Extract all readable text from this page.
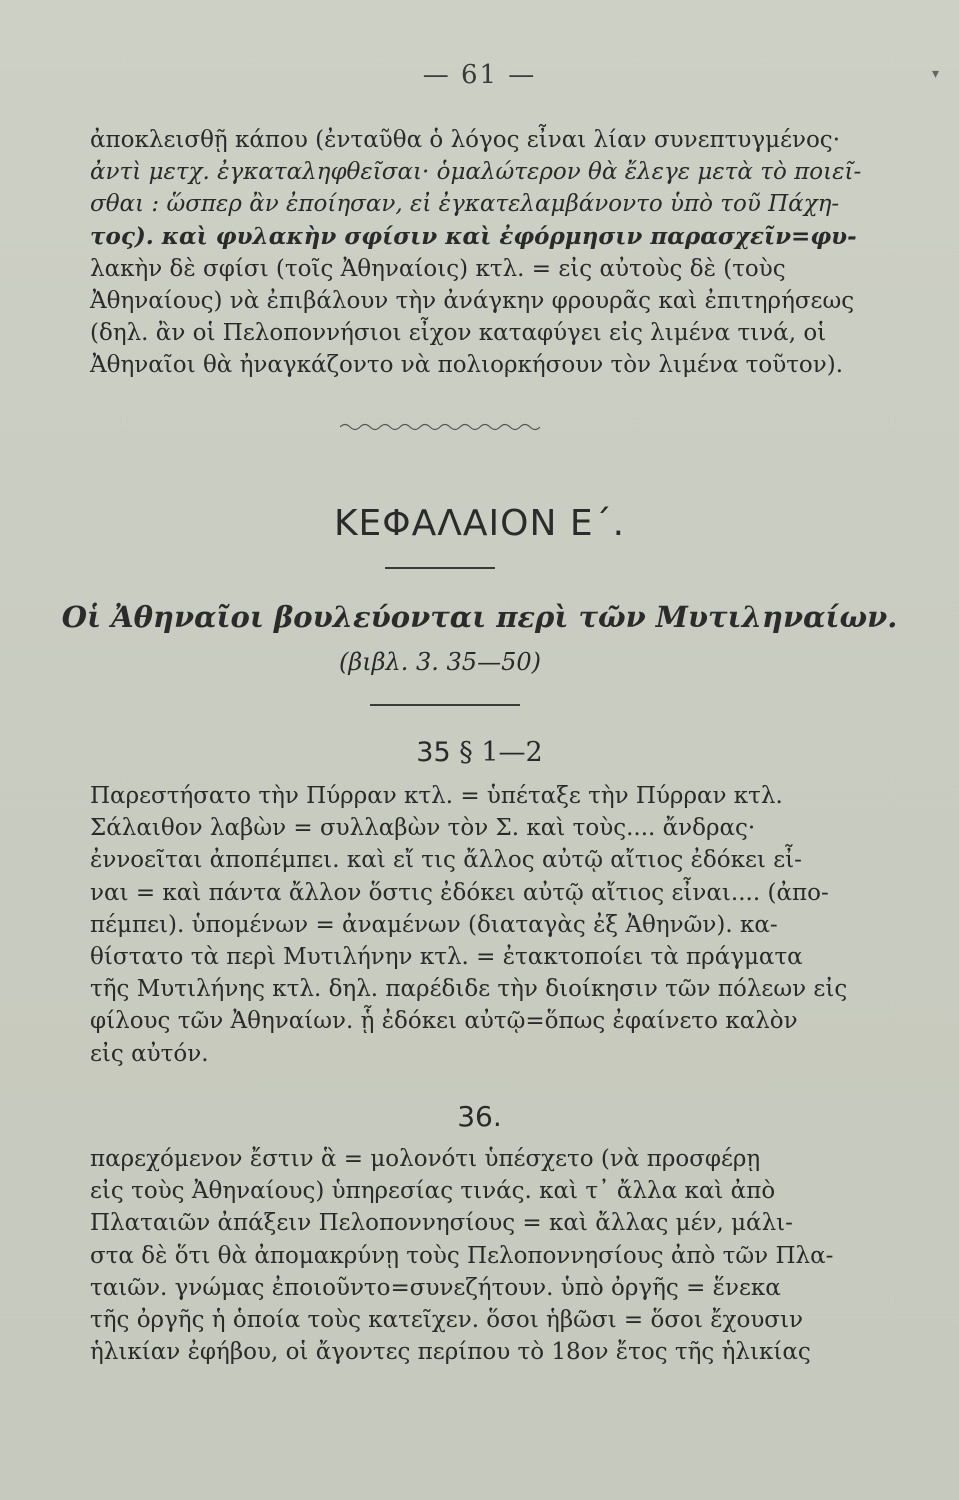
— 61 —	▾
ἀποκλεισθῇ κάπου (ἐνταῦθα ὁ λόγος εἶναι λίαν συνεπτυγμένος·
ἀντὶ μετχ. ἐγκαταληφθεῖσαι· ὁμαλώτερον θὰ ἔλεγε μετὰ τὸ ποιεῖ-
σθαι : ὥσπερ ἂν ἐποίησαν, εἰ ἐγκατελαμβάνοντο ὑπὸ τοῦ Πάχη-
τος). καὶ φυλακὴν σφίσιν καὶ ἐφόρμησιν παρασχεῖν=φυ-
λακὴν δὲ σφίσι (τοῖς Ἀθηναίοις) κτλ. = εἰς αὐτοὺς δὲ (τοὺς
Ἀθηναίους) νὰ ἐπιβάλουν τὴν ἀνάγκην φρουρᾶς καὶ ἐπιτηρήσεως
(δηλ. ἂν οἱ Πελοποννήσιοι εἶχον καταφύγει εἰς λιμένα τινά, οἱ
Ἀθηναῖοι θὰ ἠναγκάζοντο νὰ πολιορκήσουν τὸν λιμένα τοῦτον).
ΚΕΦΑΛΑΙΟΝ Ε΄.
Οἱ Ἀθηναῖοι βουλεύονται περὶ τῶν Μυτιληναίων.
(βιβλ. 3. 35—50)
35 § 1—2
Παρεστήσατο τὴν Πύρραν κτλ. = ὑπέταξε τὴν Πύρραν κτλ.
Σάλαιθον λαβὼν = συλλαβὼν τὸν Σ. καὶ τοὺς.... ἄνδρας·
ἐννοεῖται ἀποπέμπει. καὶ εἴ τις ἄλλος αὐτῷ αἴτιος ἐδόκει εἶ-
ναι = καὶ πάντα ἄλλον ὅστις ἐδόκει αὐτῷ αἴτιος εἶναι.... (ἀπο-
πέμπει). ὑπομένων = ἀναμένων (διαταγὰς ἐξ Ἀθηνῶν). κα-
θίστατο τὰ περὶ Μυτιλήνην κτλ. = ἐτακτοποίει τὰ πράγματα
τῆς Μυτιλήνης κτλ. δηλ. παρέδιδε τὴν διοίκησιν τῶν πόλεων εἰς
φίλους τῶν Ἀθηναίων. ᾗ ἐδόκει αὐτῷ=ὅπως ἐφαίνετο καλὸν
εἰς αὐτόν.
36.
παρεχόμενον ἔστιν ἃ = μολονότι ὑπέσχετο (νὰ προσφέρῃ
εἰς τοὺς Ἀθηναίους) ὑπηρεσίας τινάς. καὶ τ᾿ ἄλλα καὶ ἀπὸ
Πλαταιῶν ἀπάξειν Πελοποννησίους = καὶ ἄλλας μέν, μάλι-
στα δὲ ὅτι θὰ ἀπομακρύνῃ τοὺς Πελοποννησίους ἀπὸ τῶν Πλα-
ταιῶν. γνώμας ἐποιοῦντο=συνεζήτουν. ὑπὸ ὀργῆς = ἕνεκα
τῆς ὀργῆς ἡ ὁποία τοὺς κατεῖχεν. ὅσοι ἡβῶσι = ὅσοι ἔχουσιν
ἡλικίαν ἐφήβου, οἱ ἄγοντες περίπου τὸ 18ον ἔτος τῆς ἡλικίας
